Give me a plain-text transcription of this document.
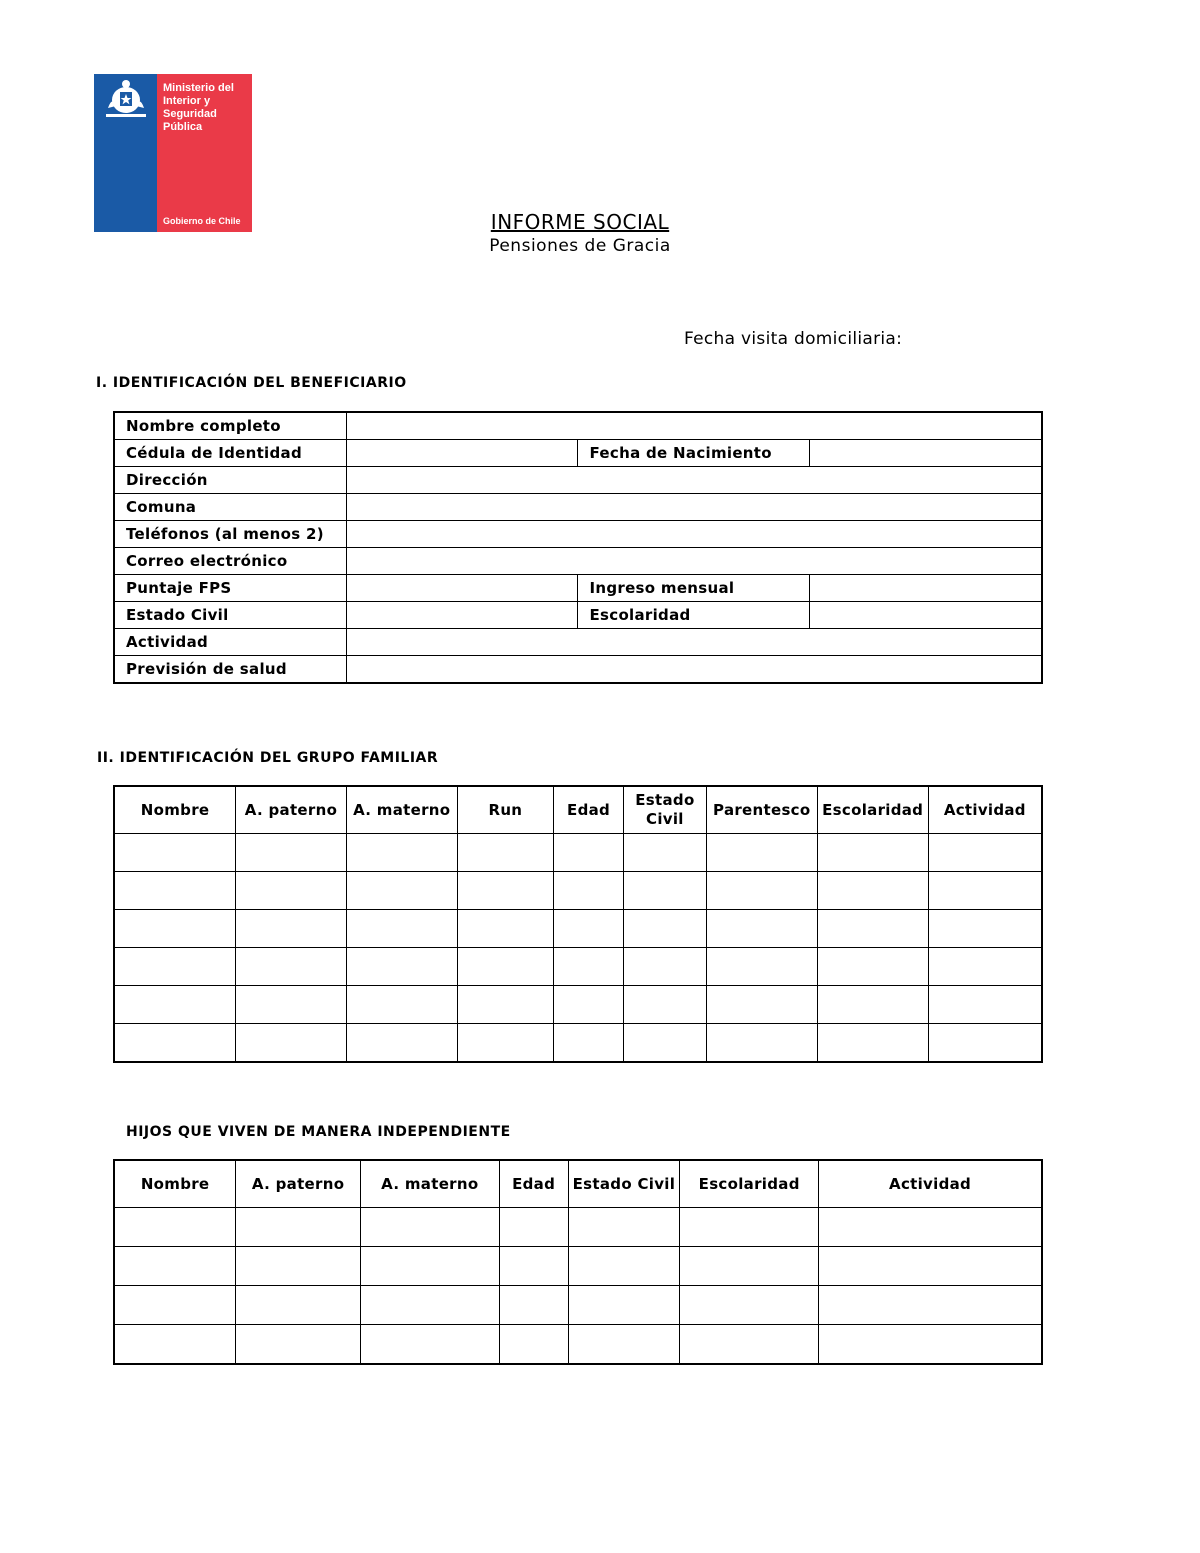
Ministerio del
Interior y
Seguridad
Pública
Gobierno de Chile	INFORME SOCIAL
Pensiones de Gracia
Fecha visita domiciliaria:
I. IDENTIFICACIÓN DEL BENEFICIARIO
Nombre completo			
Cédula de Identidad		Fecha de Nacimiento	
Dirección			
Comuna			
Teléfonos (al menos 2)			
Correo electrónico			
Puntaje FPS		Ingreso mensual	
Estado Civil		Escolaridad	
Actividad			
Previsión de salud			
II. IDENTIFICACIÓN DEL GRUPO FAMILIAR
Nombre	A. paterno	A. materno	Run	Edad	Estado Civil	Parentesco	Escolaridad	Actividad

HIJOS QUE VIVEN DE MANERA INDEPENDIENTE
Nombre	A. paterno	A. materno	Edad	Estado Civil	Escolaridad	Actividad
